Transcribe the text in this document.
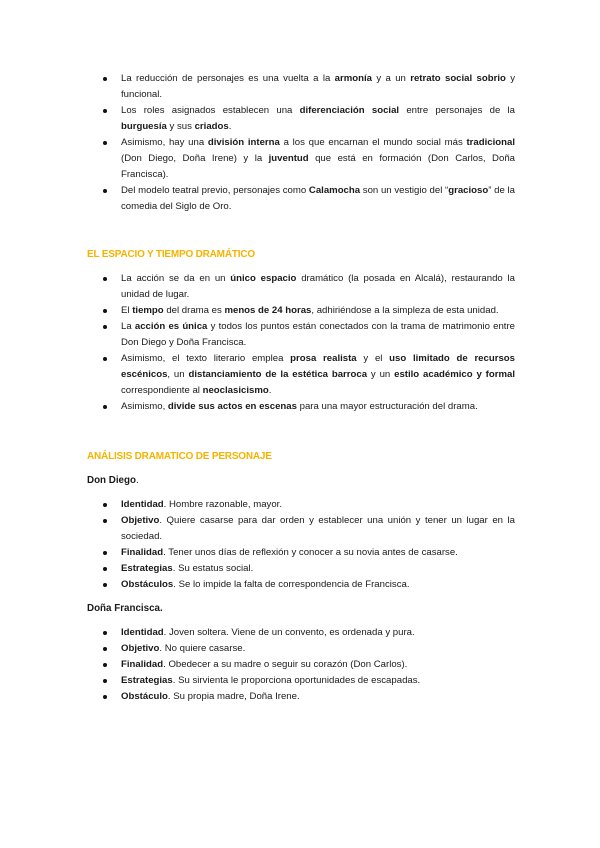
La reducción de personajes es una vuelta a la armonía y a un retrato social sobrio y funcional.
Los roles asignados establecen una diferenciación social entre personajes de la burguesía y sus criados.
Asimismo, hay una división interna a los que encarnan el mundo social más tradicional (Don Diego, Doña Irene) y la juventud que está en formación (Don Carlos, Doña Francisca).
Del modelo teatral previo, personajes como Calamocha son un vestigio del “gracioso” de la comedia del Siglo de Oro.
EL ESPACIO Y TIEMPO DRAMÁTICO
La acción se da en un único espacio dramático (la posada en Alcalá), restaurando la unidad de lugar.
El tiempo del drama es menos de 24 horas, adhiriéndose a la simpleza de esta unidad.
La acción es única y todos los puntos están conectados con la trama de matrimonio entre Don Diego y Doña Francisca.
Asimismo, el texto literario emplea prosa realista y el uso limitado de recursos escénicos, un distanciamiento de la estética barroca y un estilo académico y formal correspondiente al neoclasicismo.
Asimismo, divide sus actos en escenas para una mayor estructuración del drama.
ANÁLISIS DRAMATICO DE PERSONAJE
Don Diego.
Identidad. Hombre razonable, mayor.
Objetivo. Quiere casarse para dar orden y establecer una unión y tener un lugar en la sociedad.
Finalidad. Tener unos días de reflexión y conocer a su novia antes de casarse.
Estrategias. Su estatus social.
Obstáculos. Se lo impide la falta de correspondencia de Francisca.
Doña Francisca.
Identidad. Joven soltera. Viene de un convento, es ordenada y pura.
Objetivo. No quiere casarse.
Finalidad. Obedecer a su madre o seguir su corazón (Don Carlos).
Estrategias. Su sirvienta le proporciona oportunidades de escapadas.
Obstáculo. Su propia madre, Doña Irene.
